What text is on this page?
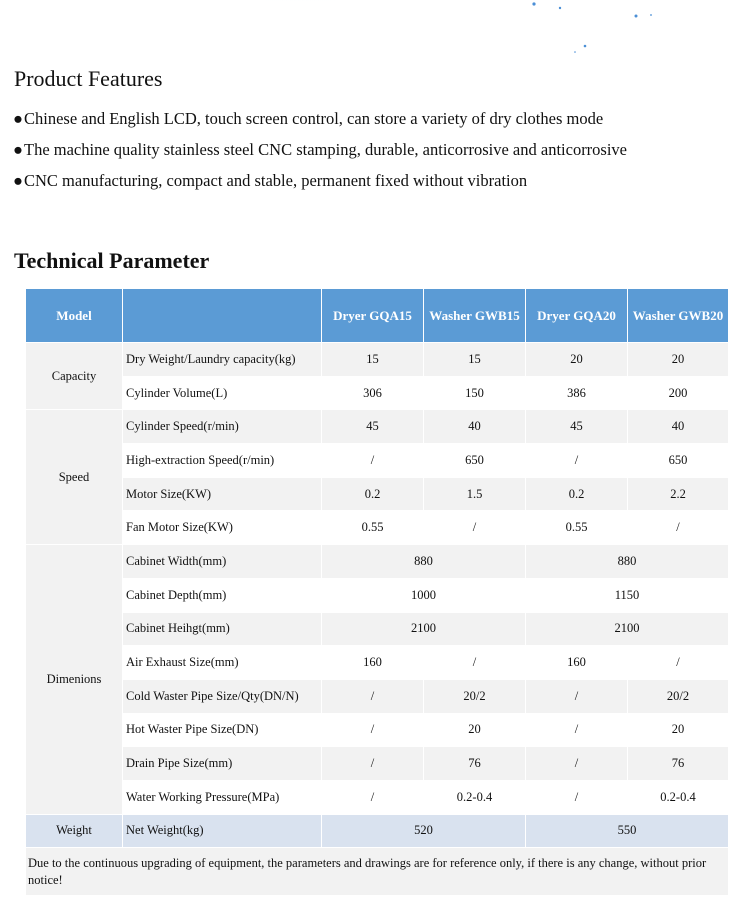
Product Features
●Chinese and English LCD, touch screen control, can store a variety of dry clothes mode
●The machine quality stainless steel CNC stamping, durable, anticorrosive and anticorrosive
●CNC manufacturing, compact and stable, permanent fixed without vibration
Technical Parameter
Model		Dryer GQA15	Washer GWB15	Dryer GQA20	Washer GWB20
Capacity	Dry Weight/Laundry capacity(kg)	15	15	20	20
	Cylinder Volume(L)	306	150	386	200
Speed	Cylinder Speed(r/min)	45	40	45	40
	High-extraction Speed(r/min)	/	650	/	650
	Motor Size(KW)	0.2	1.5	0.2	2.2
	Fan Motor Size(KW)	0.55	/	0.55	/
Dimenions	Cabinet Width(mm)	880		880	
	Cabinet Depth(mm)	1000		1150	
	Cabinet Heihgt(mm)	2100		2100	
	Air Exhaust Size(mm)	160	/	160	/
	Cold Waster Pipe Size/Qty(DN/N)	/	20/2	/	20/2
	Hot Waster Pipe Size(DN)	/	20	/	20
	Drain Pipe Size(mm)	/	76	/	76
	Water Working Pressure(MPa)	/	0.2-0.4	/	0.2-0.4
Weight	Net Weight(kg)	520		550	
Due to the continuous upgrading of equipment, the parameters and drawings are for reference only, if there is any change, without prior notice!					
